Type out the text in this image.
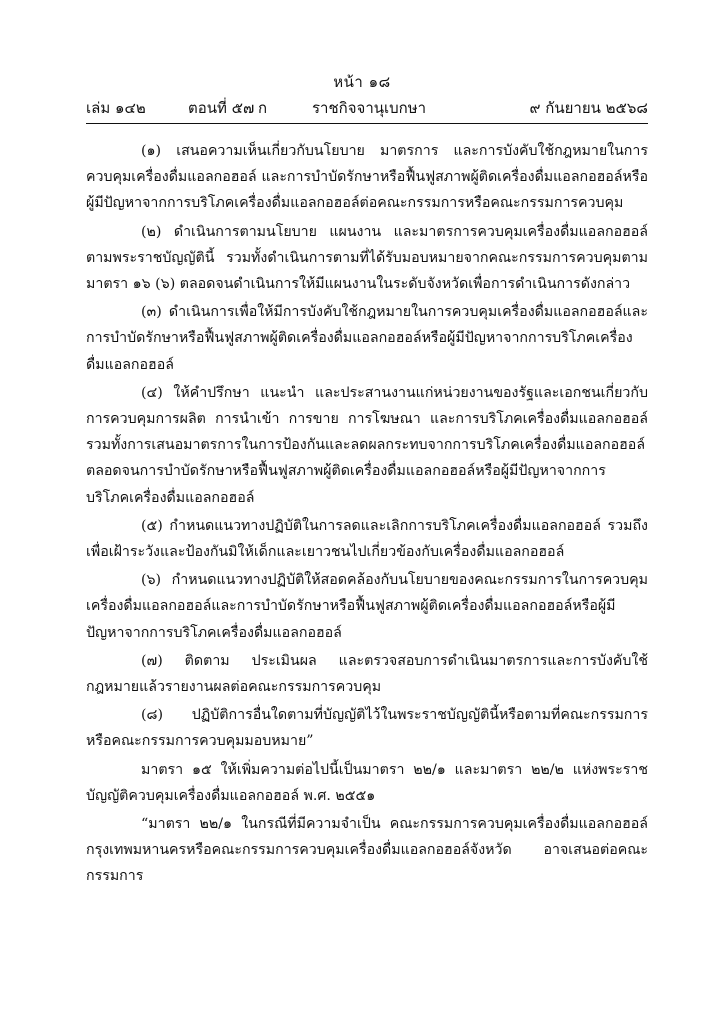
หน้า ๑๘
เล่ม ๑๔๒	ตอนที่ ๕๗ ก	ราชกิจจานุเบกษา	๙ กันยายน ๒๕๖๘

(๑) เสนอความเห็นเกี่ยวกับนโยบาย มาตรการ และการบังคับใช้กฎหมายในการควบคุมเครื่องดื่มแอลกอฮอล์ และการบำบัดรักษาหรือฟื้นฟูสภาพผู้ติดเครื่องดื่มแอลกอฮอล์หรือผู้มีปัญหาจากการบริโภคเครื่องดื่มแอลกอฮอล์ต่อคณะกรรมการหรือคณะกรรมการควบคุม

(๒) ดำเนินการตามนโยบาย แผนงาน และมาตรการควบคุมเครื่องดื่มแอลกอฮอล์ตามพระราชบัญญัตินี้ รวมทั้งดำเนินการตามที่ได้รับมอบหมายจากคณะกรรมการควบคุมตามมาตรา ๑๖ (๖) ตลอดจนดำเนินการให้มีแผนงานในระดับจังหวัดเพื่อการดำเนินการดังกล่าว

(๓) ดำเนินการเพื่อให้มีการบังคับใช้กฎหมายในการควบคุมเครื่องดื่มแอลกอฮอล์และการบำบัดรักษาหรือฟื้นฟูสภาพผู้ติดเครื่องดื่มแอลกอฮอล์หรือผู้มีปัญหาจากการบริโภคเครื่องดื่มแอลกอฮอล์

(๔) ให้คำปรึกษา แนะนำ และประสานงานแก่หน่วยงานของรัฐและเอกชนเกี่ยวกับการควบคุมการผลิต การนำเข้า การขาย การโฆษณา และการบริโภคเครื่องดื่มแอลกอฮอล์ รวมทั้งการเสนอมาตรการในการป้องกันและลดผลกระทบจากการบริโภคเครื่องดื่มแอลกอฮอล์ ตลอดจนการบำบัดรักษาหรือฟื้นฟูสภาพผู้ติดเครื่องดื่มแอลกอฮอล์หรือผู้มีปัญหาจากการบริโภคเครื่องดื่มแอลกอฮอล์

(๕) กำหนดแนวทางปฏิบัติในการลดและเลิกการบริโภคเครื่องดื่มแอลกอฮอล์ รวมถึงเพื่อเฝ้าระวังและป้องกันมิให้เด็กและเยาวชนไปเกี่ยวข้องกับเครื่องดื่มแอลกอฮอล์

(๖) กำหนดแนวทางปฏิบัติให้สอดคล้องกับนโยบายของคณะกรรมการในการควบคุมเครื่องดื่มแอลกอฮอล์และการบำบัดรักษาหรือฟื้นฟูสภาพผู้ติดเครื่องดื่มแอลกอฮอล์หรือผู้มีปัญหาจากการบริโภคเครื่องดื่มแอลกอฮอล์

(๗) ติดตาม ประเมินผล และตรวจสอบการดำเนินมาตรการและการบังคับใช้กฎหมายแล้วรายงานผลต่อคณะกรรมการควบคุม

(๘) ปฏิบัติการอื่นใดตามที่บัญญัติไว้ในพระราชบัญญัตินี้หรือตามที่คณะกรรมการหรือคณะกรรมการควบคุมมอบหมาย”

มาตรา ๑๕ ให้เพิ่มความต่อไปนี้เป็นมาตรา ๒๒/๑ และมาตรา ๒๒/๒ แห่งพระราชบัญญัติควบคุมเครื่องดื่มแอลกอฮอล์ พ.ศ. ๒๕๕๑

“มาตรา ๒๒/๑ ในกรณีที่มีความจำเป็น คณะกรรมการควบคุมเครื่องดื่มแอลกอฮอล์กรุงเทพมหานครหรือคณะกรรมการควบคุมเครื่องดื่มแอลกอฮอล์จังหวัด อาจเสนอต่อคณะกรรมการ
